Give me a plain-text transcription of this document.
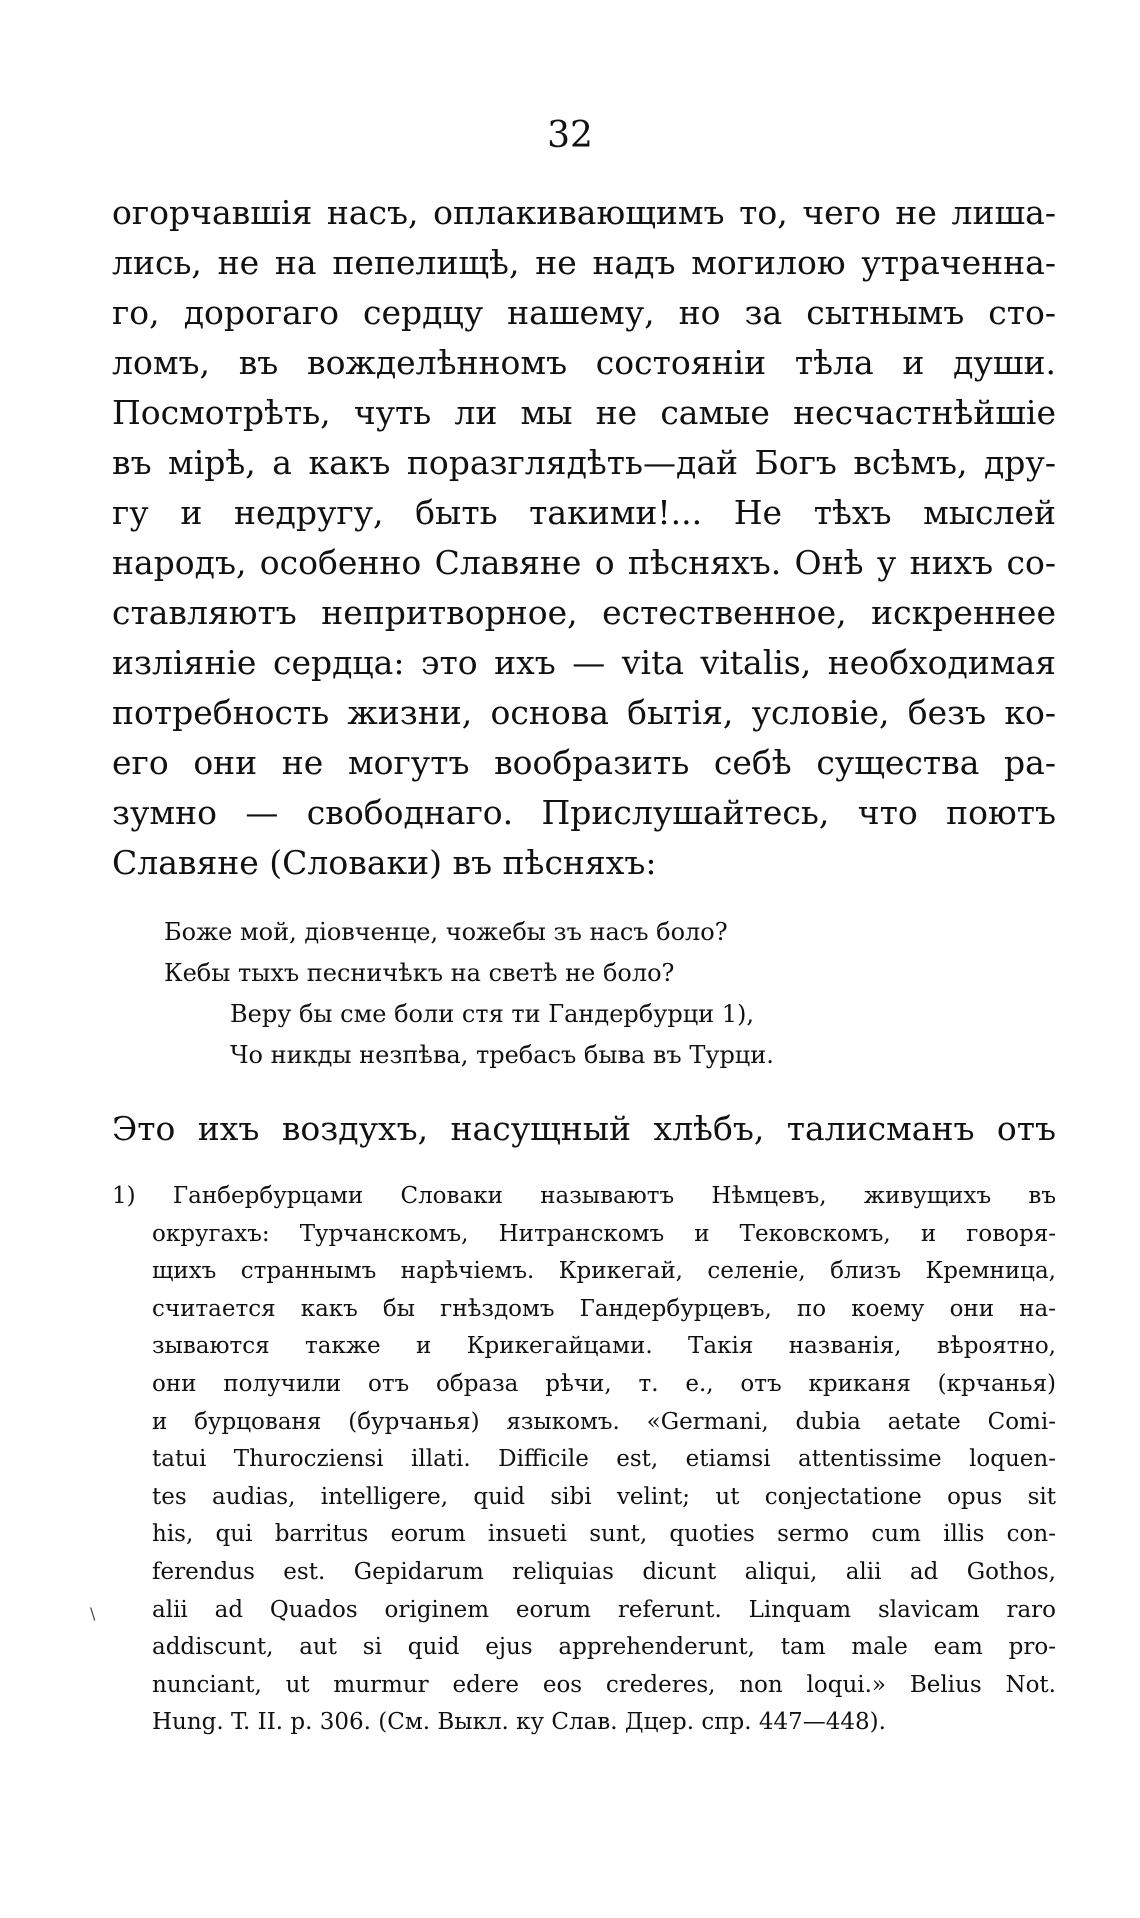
32
огорчавшія насъ, оплакивающимъ то, чего не лиша-
лись, не на пепелищѣ, не надъ могилою утраченна-
го, дорогаго сердцу нашему, но за сытнымъ сто-
ломъ, въ вожделѣнномъ состояніи тѣла и души.
Посмотрѣть, чуть ли мы не самые несчастнѣйшіе
въ мірѣ, а какъ поразглядѣть—дай Богъ всѣмъ, дру-
гу и недругу, быть такими!... Не тѣхъ мыслей
народъ, особенно Славяне о пѣсняхъ. Онѣ у нихъ со-
ставляютъ непритворное, естественное, искреннее
изліяніе сердца: это ихъ — vita vitalis, необходимая
потребность жизни, основа бытія, условіе, безъ ко-
его они не могутъ вообразить себѣ существа ра-
зумно — свободнаго. Прислушайтесь, что поютъ
Славяне (Словаки) въ пѣсняхъ:
Боже мой, діовченце, чожебы зъ насъ боло?
Кебы тыхъ песничѣкъ на светѣ не боло?
Веру бы сме боли стя ти Гандербурци 1),
Чо никды незпѣва, требасъ быва въ Турци.
Это ихъ воздухъ, насущный хлѣбъ, талисманъ отъ
1) Ганбербурцами Словаки называютъ Нѣмцевъ, живущихъ въ
округахъ: Турчанскомъ, Нитранскомъ и Тековскомъ, и говоря-
щихъ страннымъ нарѣчіемъ. Крикегай, селеніе, близъ Кремница,
считается какъ бы гнѣздомъ Гандербурцевъ, по коему они на-
зываются также и Крикегайцами. Такія названія, вѣроятно,
они получили отъ образа рѣчи, т. е., отъ криканя (крчанья)
и бурцованя (бурчанья) языкомъ. «Germani, dubia aetate Comi-
tatui Thurocziensi illati. Difficile est, etiamsi attentissime loquen-
tes audias, intelligere, quid sibi velint; ut conjectatione opus sit
his, qui barritus eorum insueti sunt, quoties sermo cum illis con-
ferendus est. Gepidarum reliquias dicunt aliqui, alii ad Gothos,
alii ad Quados originem eorum referunt. Linquam slavicam raro
addiscunt, aut si quid ejus apprehenderunt, tam male eam pro-
nunciant, ut murmur edere eos crederes, non loqui.» Belius Not.
Hung. T. II. p. 306. (См. Выкл. ку Слав. Дцер. спр. 447—448).
\
